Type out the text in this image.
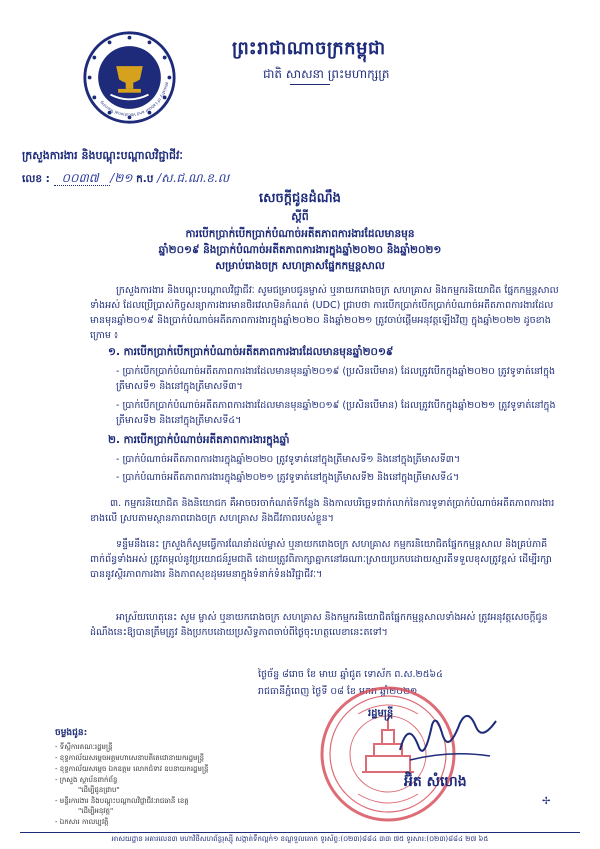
Ministry of Labour and Vocational Training
ព្រះរាជាណាចក្រកម្ពុជា
ជាតិ សាសនា ព្រះមហាក្សត្រ
ក្រសួងការងារ និងបណ្តុះបណ្តាលវិជ្ជាជីវៈ
លេខ : ០០៣៧ /២១ ក.ប /ស.ជ.ណ.ខ.ល
សេចក្តីជូនដំណឹង
ស្តីពី
ការបើកប្រាក់បើកប្រាក់បំណាច់អតីតភាពការងារដែលមានមុន
ឆ្នាំ២០១៩ និងប្រាក់បំណាច់អតីតភាពការងារក្នុងឆ្នាំ២០២០ និងឆ្នាំ២០២១
សម្រាប់រោងចក្រ សហគ្រាសផ្នែកកម្មន្តសាល
ក្រសួងការងារ និងបណ្តុះបណ្តាលវិជ្ជាជីវៈ សូមជម្រាបជូនម្ចាស់ ឬនាយករោងចក្រ សហគ្រាស និងកម្មករនិយោជិត ផ្នែកកម្មន្តសាលទាំងអស់ ដែលប្រើប្រាស់កិច្ចសន្យាការងារមានថិរវេលាមិនកំណត់ (UDC) ជ្រាបថា ការបើកប្រាក់បើកប្រាក់បំណាច់អតីតភាពការងារដែលមានមុនឆ្នាំ២០១៩ និងប្រាក់បំណាច់អតីតភាពការងារក្នុងឆ្នាំ២០២០ និងឆ្នាំ២០២១ ត្រូវចាប់ផ្តើមអនុវត្តឡើងវិញ ក្នុងឆ្នាំ២០២២ ដូចខាងក្រោម ៖
១. ការបើកប្រាក់បើកប្រាក់បំណាច់អតីតភាពការងារដែលមានមុនឆ្នាំ២០១៩
- ប្រាក់បើកប្រាក់បំណាច់អតីតភាពការងារដែលមានមុនឆ្នាំ២០១៩ (ប្រសិនបើមាន) ដែលត្រូវបើកក្នុងឆ្នាំ២០២០ ត្រូវទូទាត់នៅក្នុងត្រីមាសទី១ និងនៅក្នុងត្រីមាសទី៣។
- ប្រាក់បើកប្រាក់បំណាច់អតីតភាពការងារដែលមានមុនឆ្នាំ២០១៩ (ប្រសិនបើមាន) ដែលត្រូវបើកក្នុងឆ្នាំ២០២១ ត្រូវទូទាត់នៅក្នុងត្រីមាសទី២ និងនៅក្នុងត្រីមាសទី៤។
២. ការបើកប្រាក់បំណាច់អតីតភាពការងារក្នុងឆ្នាំ
- ប្រាក់បំណាច់អតីតភាពការងារក្នុងឆ្នាំ២០២០ ត្រូវទូទាត់នៅក្នុងត្រីមាសទី១ និងនៅក្នុងត្រីមាសទី៣។
- ប្រាក់បំណាច់អតីតភាពការងារក្នុងឆ្នាំ២០២១ ត្រូវទូទាត់នៅក្នុងត្រីមាសទី២ និងនៅក្នុងត្រីមាសទី៤។
៣. កម្មករនិយោជិត និងនិយោជក គឺអាចចរចាកំណត់ទីកន្លែង និងកាលបរិច្ឆេទជាក់លាក់នៃការទូទាត់ប្រាក់បំណាច់អតីតភាពការងារខាងលើ ស្របតាមស្ថានភាពរោងចក្រ សហគ្រាស និងជីវភាពរបស់ខ្លួន។
ទន្ទឹមនឹងនេះ ក្រសួងក៏សូមធ្វើការណែនាំដល់ម្ចាស់ ឬនាយករោងចក្រ សហគ្រាស កម្មករនិយោជិតផ្នែកកម្មន្តសាល និងគ្រប់ភាគីពាក់ព័ន្ធទាំងអស់ ត្រូវតម្កល់នូវប្រយោជន៍រួមជាតិ ដោយត្រូវពិភាក្សាគ្នាកនៅឆណាៈស្រាយប្រកបដោយស្មារតីទទួលខុសត្រូវខ្ពស់ ដើម្បីរក្សាបាននូវស្ថិរភាពការងារ និងភាពសុខដុមរមនាក្នុងទំនាក់ទំនងវិជ្ជាជីវៈ។
អាស្រ័យហេតុនេះ សូម ម្ចាស់ ឬនាយករោងចក្រ សហគ្រាស និងកម្មករនិយោជិតផ្នែកកម្មន្តសាលទាំងអស់ ត្រូវអនុវត្តសេចក្តីជូនដំណឹងនេះឱ្យបានត្រឹមត្រូវ និងប្រកបដោយប្រសិទ្ធភាពចាប់ពីថ្ងៃចុះហត្ថលេខានេះតទៅ។
ថ្ងៃច័ន្ទ ៨រោច ខែ មាឃ ឆ្នាំជូត ទោស័ក ព.ស.២៥៦៤
រាជធានីភ្នំពេញ ថ្ងៃទី ០៨ ខែ មករា ឆ្នាំ២០២១
រដ្ឋមន្ត្រី
អ៊ិត សំហេង
ចម្លងជូន:
- ទីស្តីការគណៈរដ្ឋមន្ត្រី
- ខុទ្ទកាល័យសម្ដេចអគ្គមហាសេនាបតីតេជោនាយករដ្ឋមន្ត្រី
- ខុទ្ទកាល័យសម្ដេច ឯកឧត្តម លោកជំទាវ ឧបនាយករដ្ឋមន្ត្រី
- ក្រសួង ស្ថាប័នពាក់ព័ន្ធ
"ដើម្បីជូនជ្រាប"
- មន្ទីរការងារ និងបណ្តុះបណ្តាលវិជ្ជាជីវៈរាជធានី ខេត្ត
"ដើម្បីអនុវត្ត"
- ឯកសារ កាលប្បវត្តិ
✢
អាសយដ្ឋាន អគារលេខ៣ មហាវិថីសហព័ន្ធរុស្ស៊ី សង្កាត់ទឹកល្អក់១ ខណ្ឌទួលគោក ទូរស័ព្ទ:(០២៣)៨៨៤ ៣៣ ៧៥ ទូរសារ:(០២៣)៨៨៤ ២៧ ៦៥
